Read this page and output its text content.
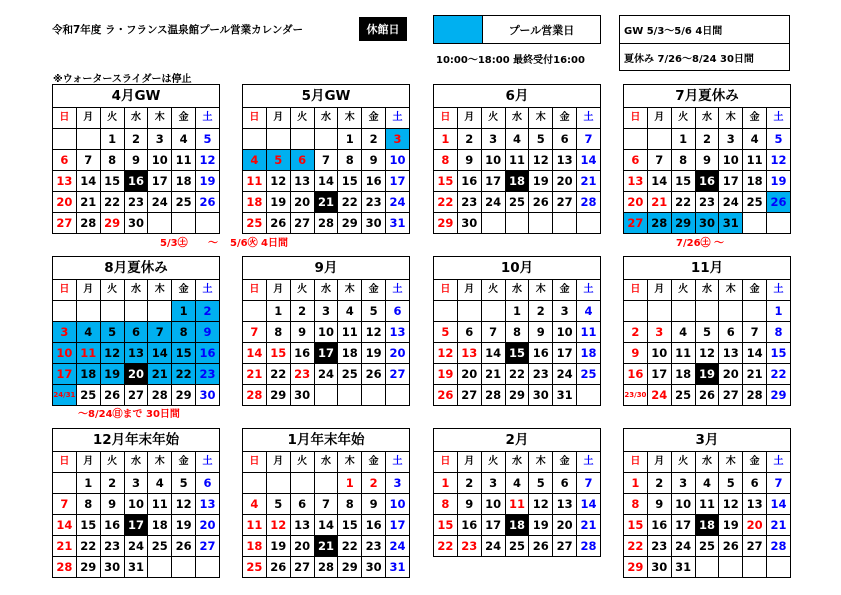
令和7年度 ラ・フランス温泉館プール営業カレンダー	休館日	プール営業日
10:00～18:00 最終受付16:00
GW 5/3～5/6 4日間
夏休み 7/26～8/24 30日間
※ウォータースライダーは停止
4月GW						
日	月	火	水	木	金	土
		1	2	3	4	5
6	7	8	9	10	11	12
13	14	15	16	17	18	19
20	21	22	23	24	25	26
27	28	29	30			
5月GW						
日	月	火	水	木	金	土
				1	2	3
4	5	6	7	8	9	10
11	12	13	14	15	16	17
18	19	20	21	22	23	24
25	26	27	28	29	30	31
6月						
日	月	火	水	木	金	土
1	2	3	4	5	6	7
8	9	10	11	12	13	14
15	16	17	18	19	20	21
22	23	24	25	26	27	28
29	30					
7月夏休み						
日	月	火	水	木	金	土
		1	2	3	4	5
6	7	8	9	10	11	12
13	14	15	16	17	18	19
20	21	22	23	24	25	26
27	28	29	30	31		
8月夏休み						
日	月	火	水	木	金	土
					1	2
3	4	5	6	7	8	9
10	11	12	13	14	15	16
17	18	19	20	21	22	23
24/31	25	26	27	28	29	30
9月						
日	月	火	水	木	金	土
	1	2	3	4	5	6
7	8	9	10	11	12	13
14	15	16	17	18	19	20
21	22	23	24	25	26	27
28	29	30				
10月						
日	月	火	水	木	金	土
			1	2	3	4
5	6	7	8	9	10	11
12	13	14	15	16	17	18
19	20	21	22	23	24	25
26	27	28	29	30	31	
11月						
日	月	火	水	木	金	土
						1
2	3	4	5	6	7	8
9	10	11	12	13	14	15
16	17	18	19	20	21	22
23/30	24	25	26	27	28	29
12月年末年始						
日	月	火	水	木	金	土
	1	2	3	4	5	6
7	8	9	10	11	12	13
14	15	16	17	18	19	20
21	22	23	24	25	26	27
28	29	30	31			
1月年末年始						
日	月	火	水	木	金	土
				1	2	3
4	5	6	7	8	9	10
11	12	13	14	15	16	17
18	19	20	21	22	23	24
25	26	27	28	29	30	31
2月						
日	月	火	水	木	金	土
1	2	3	4	5	6	7
8	9	10	11	12	13	14
15	16	17	18	19	20	21
22	23	24	25	26	27	28
3月						
日	月	火	水	木	金	土
1	2	3	4	5	6	7
8	9	10	11	12	13	14
15	16	17	18	19	20	21
22	23	24	25	26	27	28
29	30	31				
5/3㊏ ～ 5/6㊋ 4日間	7/26㊏ ～
～8/24㊐まで 30日間
